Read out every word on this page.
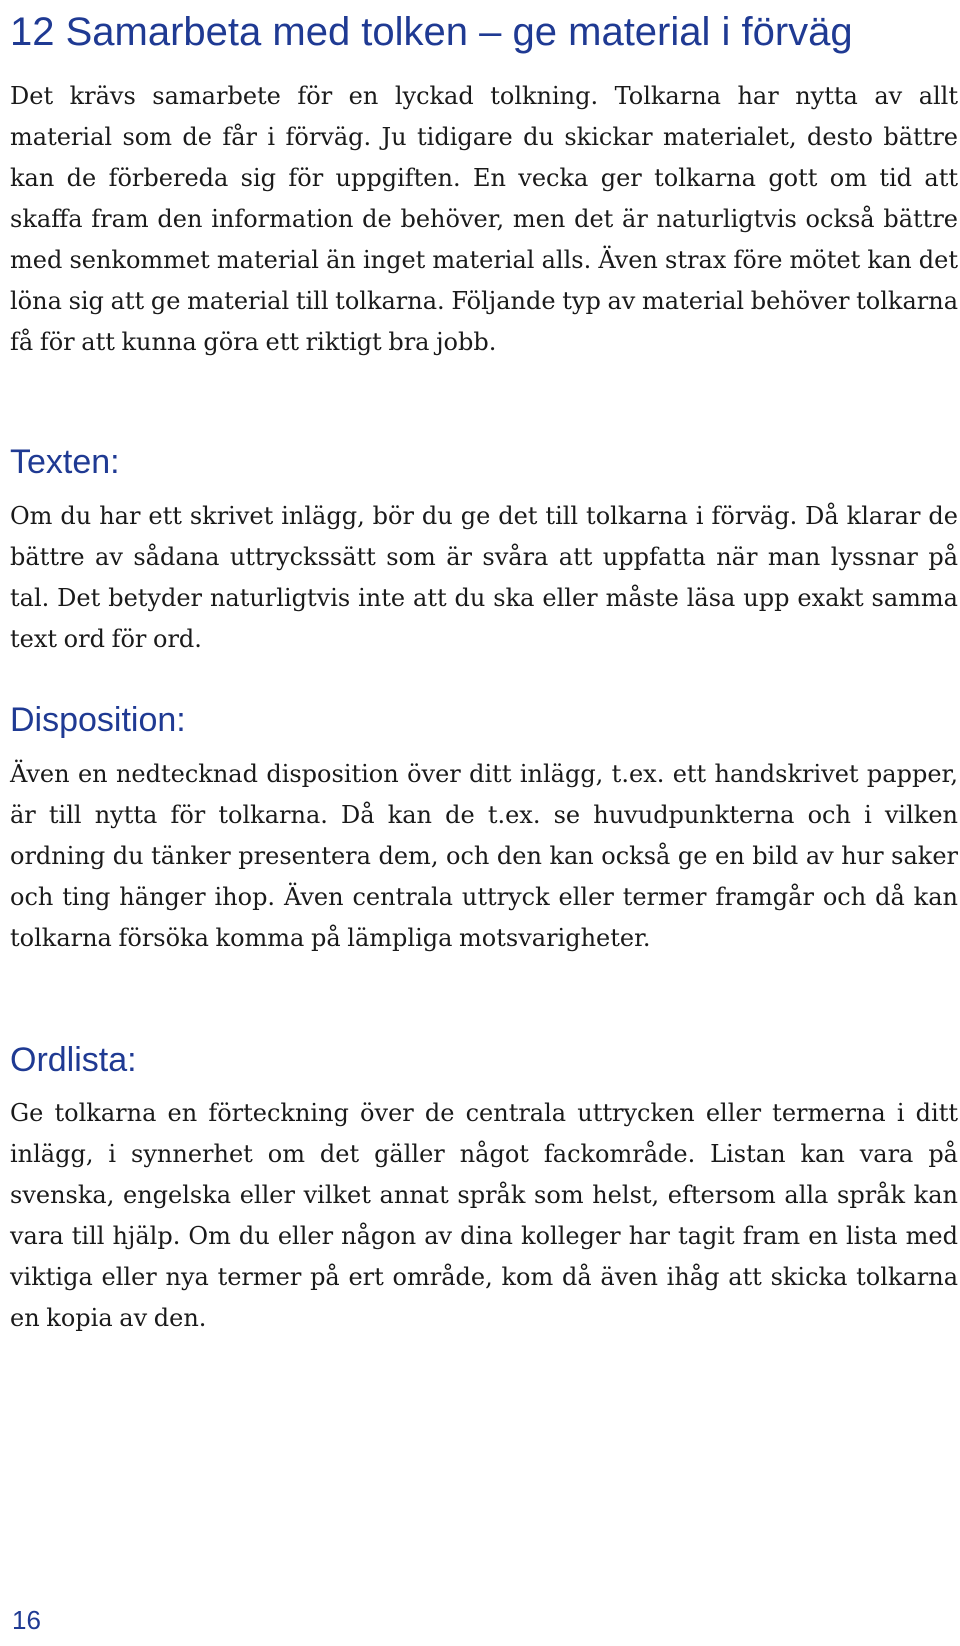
12 Samarbeta med tolken – ge material i förväg

Det krävs samarbete för en lyckad tolkning. Tolkarna har nytta av allt material som de får i förväg. Ju tidigare du skickar materialet, desto bättre kan de förbereda sig för uppgiften. En vecka ger tolkarna gott om tid att skaffa fram den information de behöver, men det är naturligtvis också bättre med senkommet material än inget material alls. Även strax före mötet kan det löna sig att ge material till tolkarna. Följande typ av material behöver tolkarna få för att kunna göra ett riktigt bra jobb.

Texten:

Om du har ett skrivet inlägg, bör du ge det till tolkarna i förväg. Då klarar de bättre av sådana uttryckssätt som är svåra att uppfatta när man lyssnar på tal. Det betyder naturligtvis inte att du ska eller måste läsa upp exakt samma text ord för ord.

Disposition:

Även en nedtecknad disposition över ditt inlägg, t.ex. ett handskrivet papper, är till nytta för tolkarna. Då kan de t.ex. se huvudpunkterna och i vilken ordning du tänker presentera dem, och den kan också ge en bild av hur saker och ting hänger ihop. Även centrala uttryck eller termer framgår och då kan tolkarna försöka komma på lämpliga motsvarigheter.

Ordlista:

Ge tolkarna en förteckning över de centrala uttrycken eller termerna i ditt inlägg, i synnerhet om det gäller något fackområde. Listan kan vara på svenska, engelska eller vilket annat språk som helst, eftersom alla språk kan vara till hjälp. Om du eller någon av dina kolleger har tagit fram en lista med viktiga eller nya termer på ert område, kom då även ihåg att skicka tolkarna en kopia av den.

16
